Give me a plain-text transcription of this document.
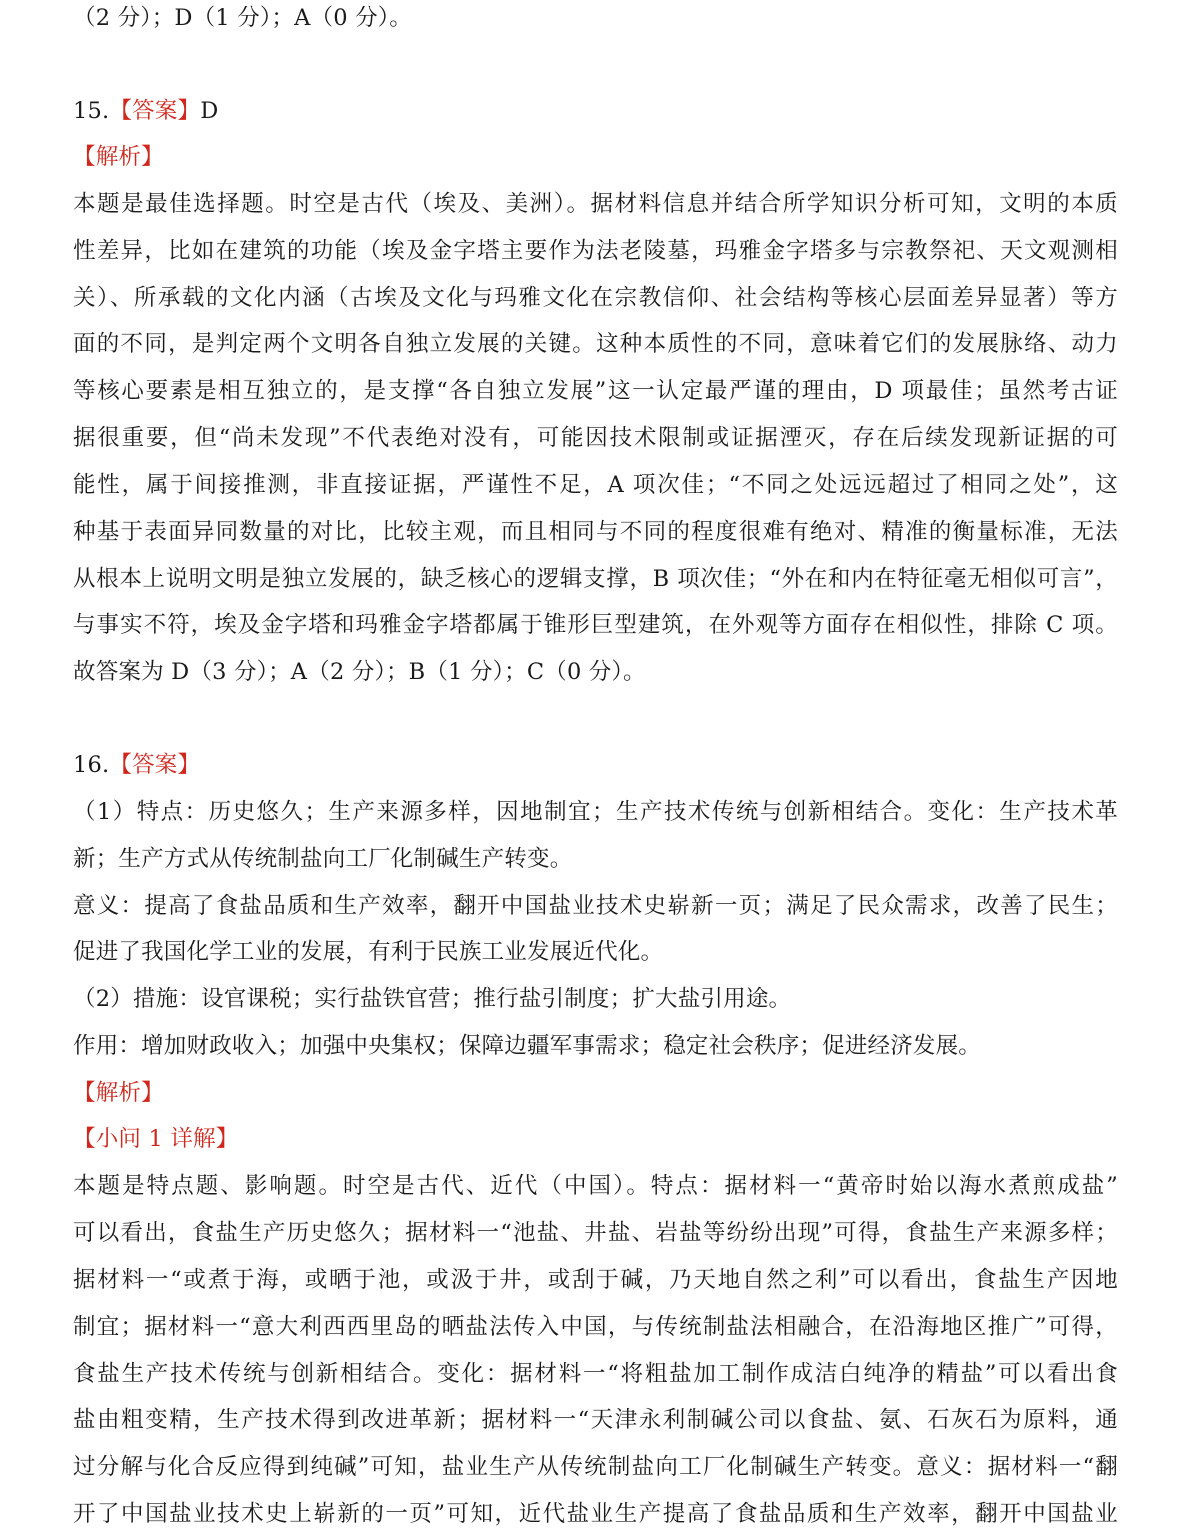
（2 分）；D（1 分）；A（0 分）。
15.【答案】D
【解析】
本题是最佳选择题。时空是古代（埃及、美洲）。据材料信息并结合所学知识分析可知，文明的本质
性差异，比如在建筑的功能（埃及金字塔主要作为法老陵墓，玛雅金字塔多与宗教祭祀、天文观测相
关）、所承载的文化内涵（古埃及文化与玛雅文化在宗教信仰、社会结构等核心层面差异显著）等方
面的不同，是判定两个文明各自独立发展的关键。这种本质性的不同，意味着它们的发展脉络、动力
等核心要素是相互独立的，是支撑“各自独立发展”这一认定最严谨的理由，D 项最佳；虽然考古证
据很重要，但“尚未发现”不代表绝对没有，可能因技术限制或证据湮灭，存在后续发现新证据的可
能性，属于间接推测，非直接证据，严谨性不足，A 项次佳；“不同之处远远超过了相同之处”，这
种基于表面异同数量的对比，比较主观，而且相同与不同的程度很难有绝对、精准的衡量标准，无法
从根本上说明文明是独立发展的，缺乏核心的逻辑支撑，B 项次佳；“外在和内在特征毫无相似可言”，
与事实不符，埃及金字塔和玛雅金字塔都属于锥形巨型建筑，在外观等方面存在相似性，排除 C 项。
故答案为 D（3 分）；A（2 分）；B（1 分）；C（0 分）。
16.【答案】
（1）特点：历史悠久；生产来源多样，因地制宜；生产技术传统与创新相结合。变化：生产技术革
新；生产方式从传统制盐向工厂化制碱生产转变。
意义：提高了食盐品质和生产效率，翻开中国盐业技术史崭新一页；满足了民众需求，改善了民生；
促进了我国化学工业的发展，有利于民族工业发展近代化。
（2）措施：设官课税；实行盐铁官营；推行盐引制度；扩大盐引用途。
作用：增加财政收入；加强中央集权；保障边疆军事需求；稳定社会秩序；促进经济发展。
【解析】
【小问 1 详解】
本题是特点题、影响题。时空是古代、近代（中国）。特点：据材料一“黄帝时始以海水煮煎成盐”
可以看出，食盐生产历史悠久；据材料一“池盐、井盐、岩盐等纷纷出现”可得，食盐生产来源多样；
据材料一“或煮于海，或晒于池，或汲于井，或刮于碱，乃天地自然之利”可以看出，食盐生产因地
制宜；据材料一“意大利西西里岛的晒盐法传入中国，与传统制盐法相融合，在沿海地区推广”可得，
食盐生产技术传统与创新相结合。变化：据材料一“将粗盐加工制作成洁白纯净的精盐”可以看出食
盐由粗变精，生产技术得到改进革新；据材料一“天津永利制碱公司以食盐、氨、石灰石为原料，通
过分解与化合反应得到纯碱”可知，盐业生产从传统制盐向工厂化制碱生产转变。意义：据材料一“翻
开了中国盐业技术史上崭新的一页”可知，近代盐业生产提高了食盐品质和生产效率，翻开中国盐业
